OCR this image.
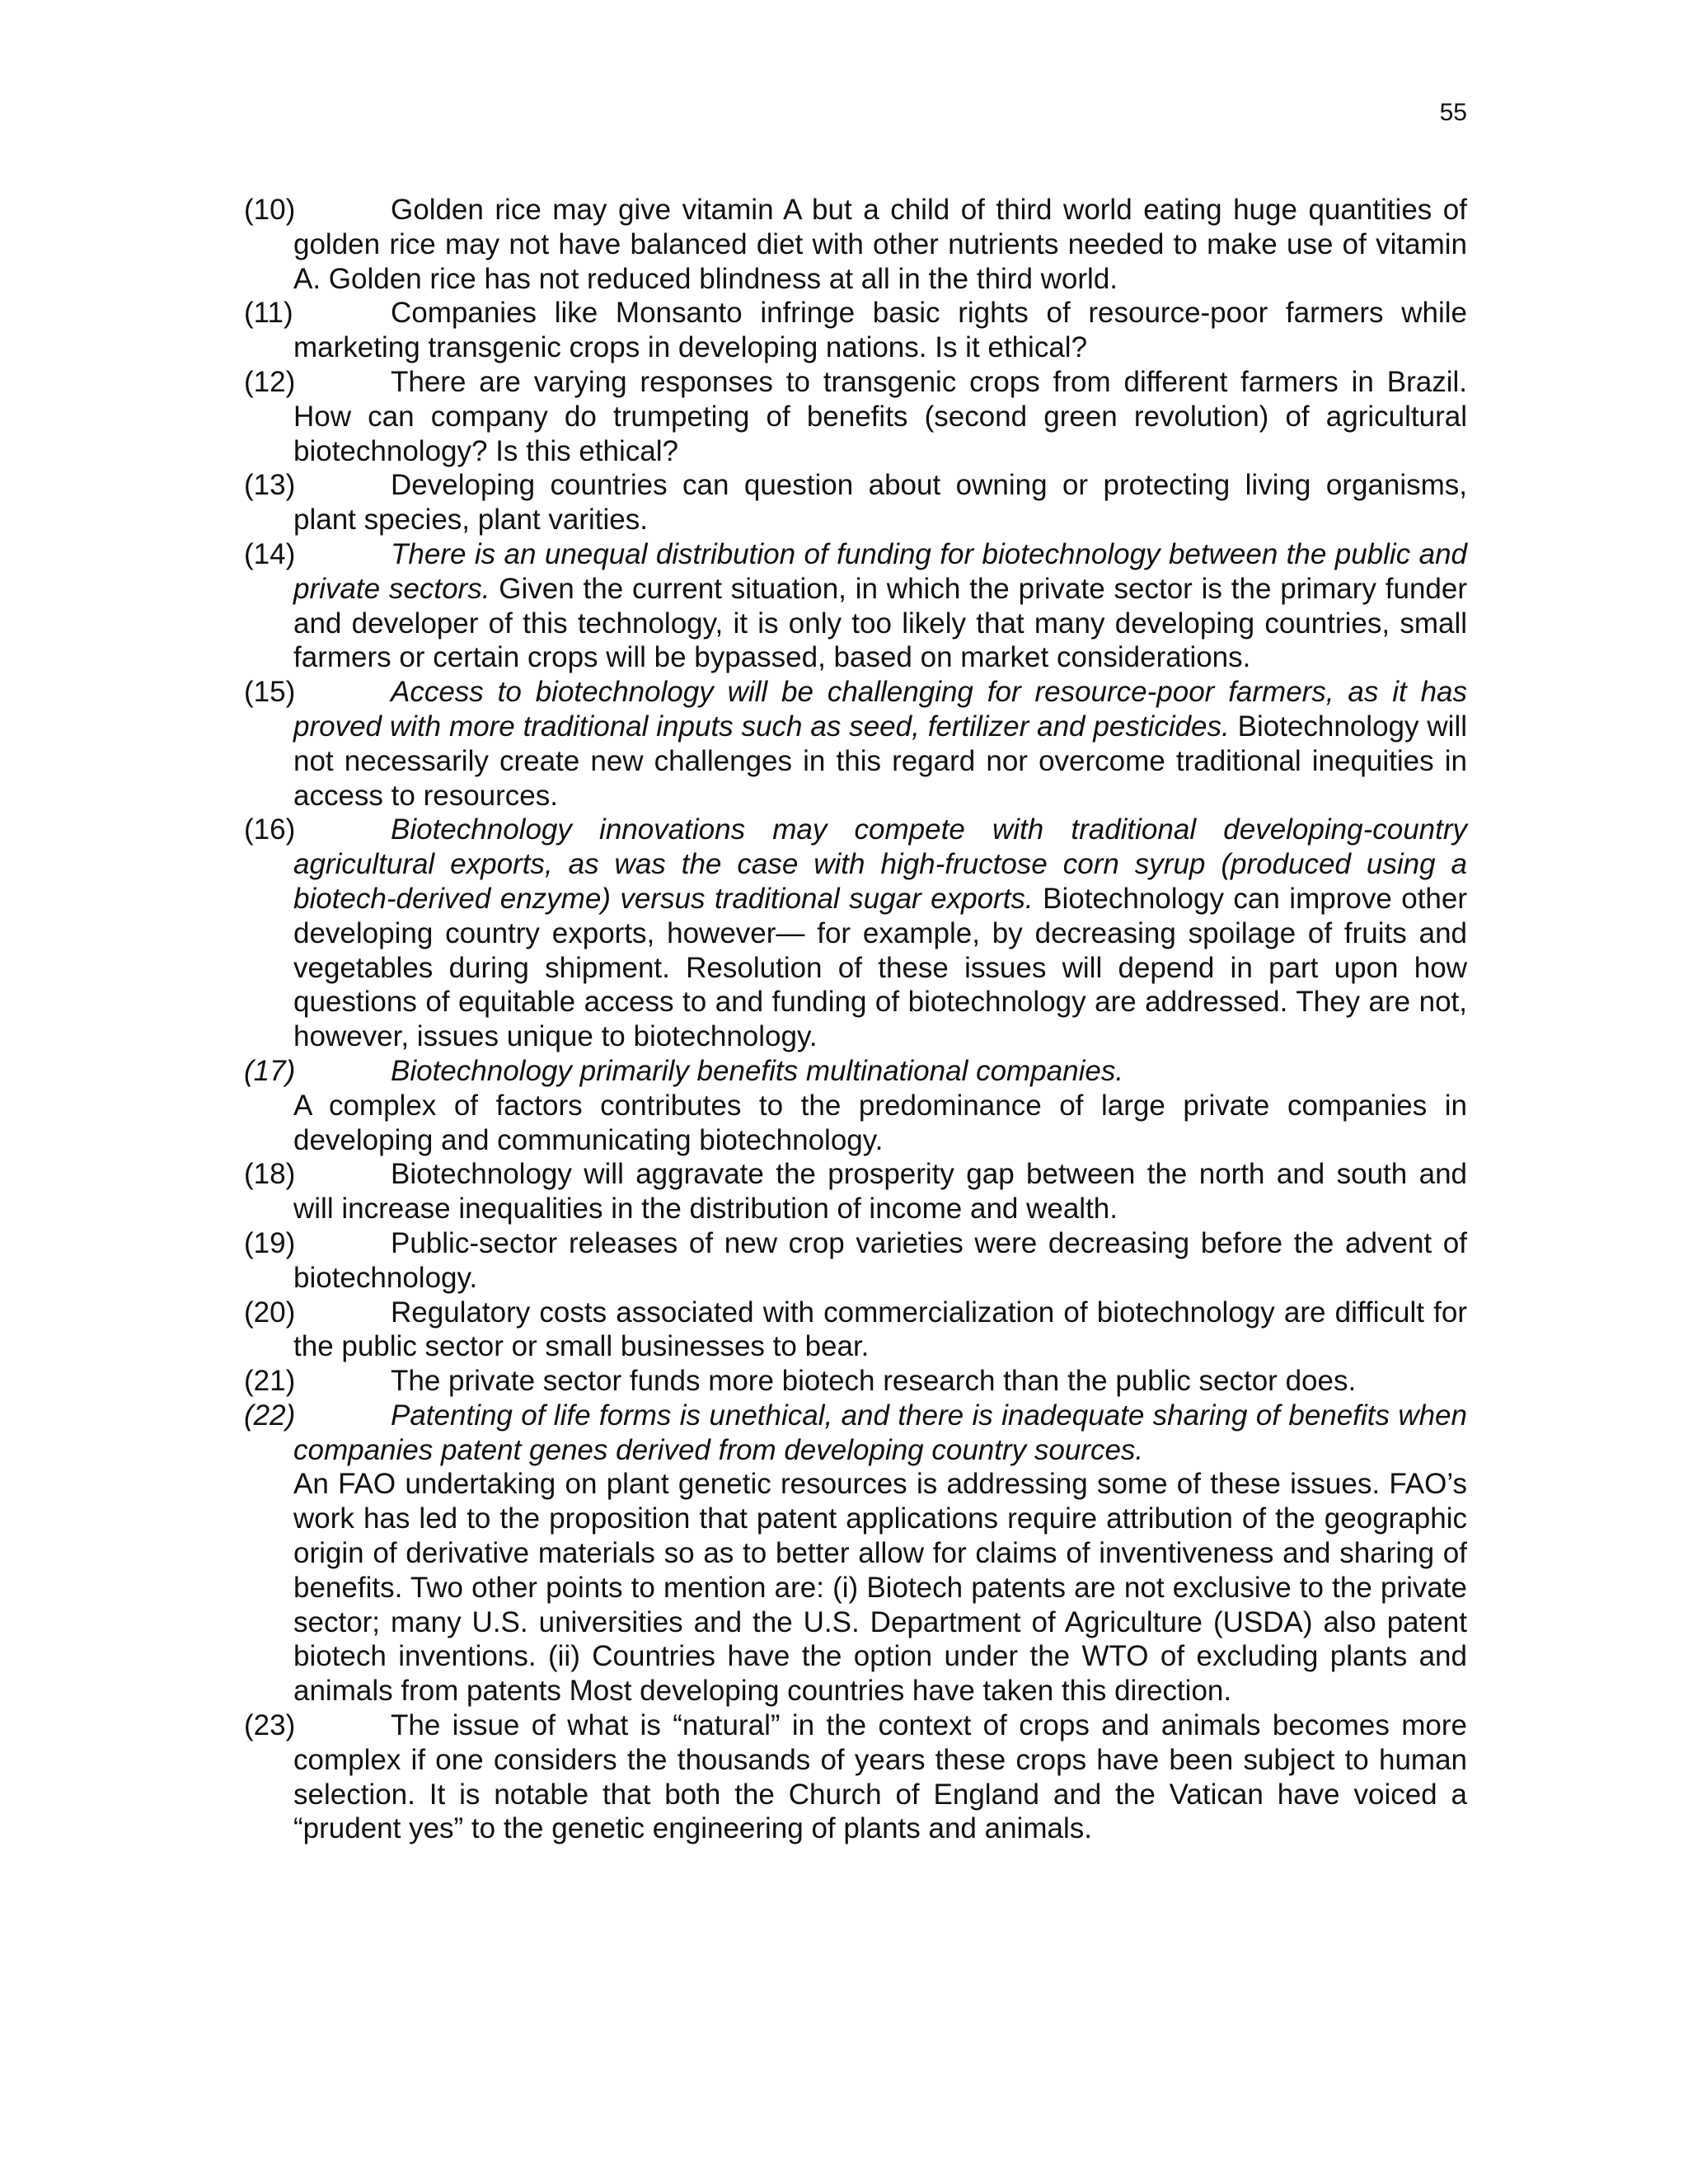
55
(10)	Golden rice may give vitamin A but a child of third world eating huge quantities of golden rice may not have balanced diet with other nutrients needed to make use of vitamin A. Golden rice has not reduced blindness at all in the third world.
(11)	Companies like Monsanto infringe basic rights of resource-poor farmers while marketing transgenic crops in developing nations. Is it ethical?
(12)	There are varying responses to transgenic crops from different farmers in Brazil. How can company do trumpeting of benefits (second green revolution) of agricultural biotechnology? Is this ethical?
(13)	Developing countries can question about owning or protecting living organisms, plant species, plant varities.
(14)	There is an unequal distribution of funding for biotechnology between the public and private sectors. Given the current situation, in which the private sector is the primary funder and developer of this technology, it is only too likely that many developing countries, small farmers or certain crops will be bypassed, based on market considerations.
(15)	Access to biotechnology will be challenging for resource-poor farmers, as it has proved with more traditional inputs such as seed, fertilizer and pesticides. Biotechnology will not necessarily create new challenges in this regard nor overcome traditional inequities in access to resources.
(16)	Biotechnology innovations may compete with traditional developing-country agricultural exports, as was the case with high-fructose corn syrup (produced using a biotech-derived enzyme) versus traditional sugar exports. Biotechnology can improve other developing country exports, however— for example, by decreasing spoilage of fruits and vegetables during shipment. Resolution of these issues will depend in part upon how questions of equitable access to and funding of biotechnology are addressed. They are not, however, issues unique to biotechnology.
(17)	Biotechnology primarily benefits multinational companies.
A complex of factors contributes to the predominance of large private companies in developing and communicating biotechnology.
(18)	Biotechnology will aggravate the prosperity gap between the north and south and will increase inequalities in the distribution of income and wealth.
(19)	Public-sector releases of new crop varieties were decreasing before the advent of biotechnology.
(20)	Regulatory costs associated with commercialization of biotechnology are difficult for the public sector or small businesses to bear.
(21)	The private sector funds more biotech research than the public sector does.
(22)	Patenting of life forms is unethical, and there is inadequate sharing of benefits when companies patent genes derived from developing country sources.
An FAO undertaking on plant genetic resources is addressing some of these issues. FAO’s work has led to the proposition that patent applications require attribution of the geographic origin of derivative materials so as to better allow for claims of inventiveness and sharing of benefits. Two other points to mention are: (i) Biotech patents are not exclusive to the private sector; many U.S. universities and the U.S. Department of Agriculture (USDA) also patent biotech inventions. (ii) Countries have the option under the WTO of excluding plants and animals from patents Most developing countries have taken this direction.
(23)	The issue of what is “natural” in the context of crops and animals becomes more complex if one considers the thousands of years these crops have been subject to human selection. It is notable that both the Church of England and the Vatican have voiced a “prudent yes” to the genetic engineering of plants and animals.
